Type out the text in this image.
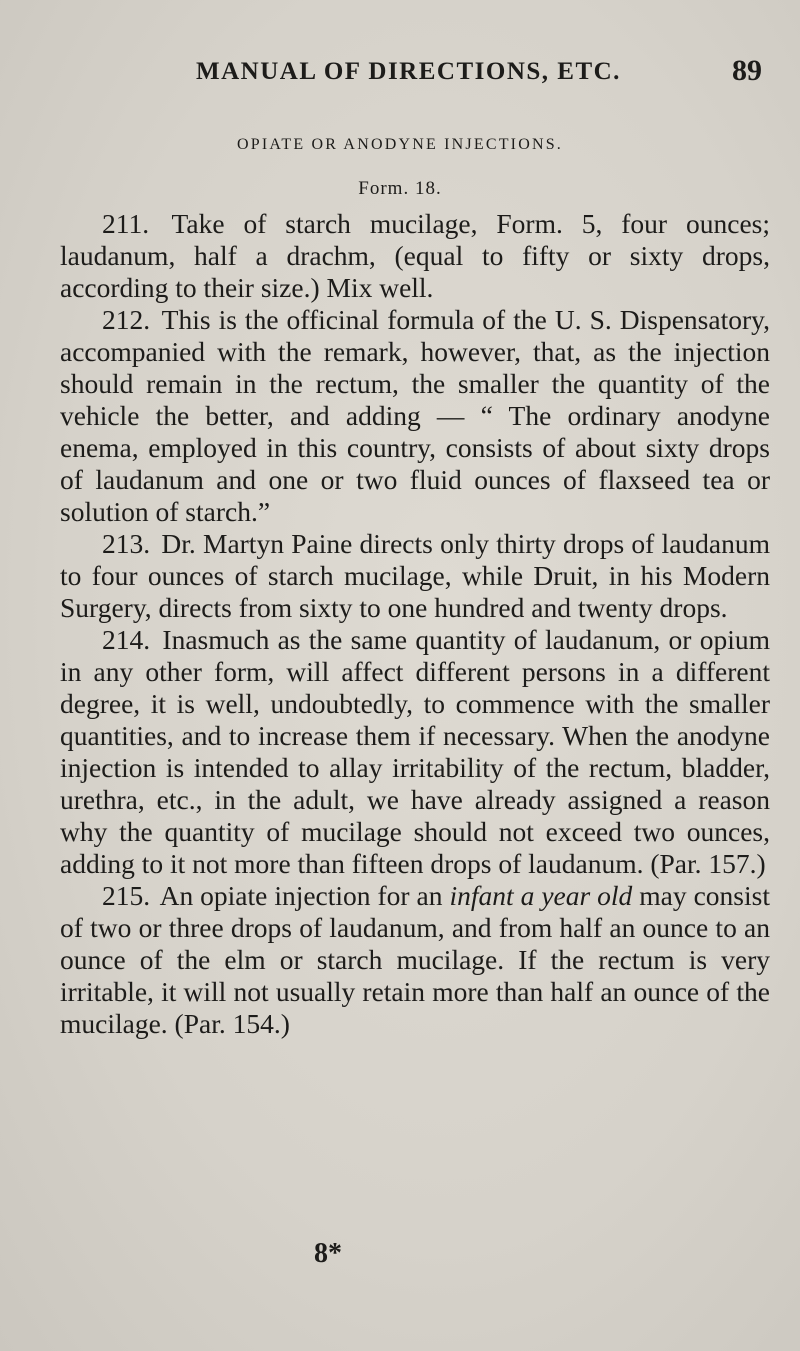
MANUAL OF DIRECTIONS, ETC.	89
OPIATE OR ANODYNE INJECTIONS.
Form. 18.

211. Take of starch mucilage, Form. 5, four ounces; laudanum, half a drachm, (equal to fifty or sixty drops, according to their size.) Mix well.

212. This is the officinal formula of the U. S. Dispensatory, accompanied with the remark, however, that, as the injection should remain in the rectum, the smaller the quantity of the vehicle the better, and adding — “ The ordinary anodyne enema, employed in this country, consists of about sixty drops of laudanum and one or two fluid ounces of flaxseed tea or solution of starch.”

213. Dr. Martyn Paine directs only thirty drops of laudanum to four ounces of starch mucilage, while Druit, in his Modern Surgery, directs from sixty to one hundred and twenty drops.

214. Inasmuch as the same quantity of laudanum, or opium in any other form, will affect different persons in a different degree, it is well, undoubtedly, to commence with the smaller quantities, and to increase them if necessary. When the anodyne injection is intended to allay irritability of the rectum, bladder, urethra, etc., in the adult, we have already assigned a reason why the quantity of mucilage should not exceed two ounces, adding to it not more than fifteen drops of laudanum. (Par. 157.)

215. An opiate injection for an infant a year old may consist of two or three drops of laudanum, and from half an ounce to an ounce of the elm or starch mucilage. If the rectum is very irritable, it will not usually retain more than half an ounce of the mucilage. (Par. 154.)

8*
